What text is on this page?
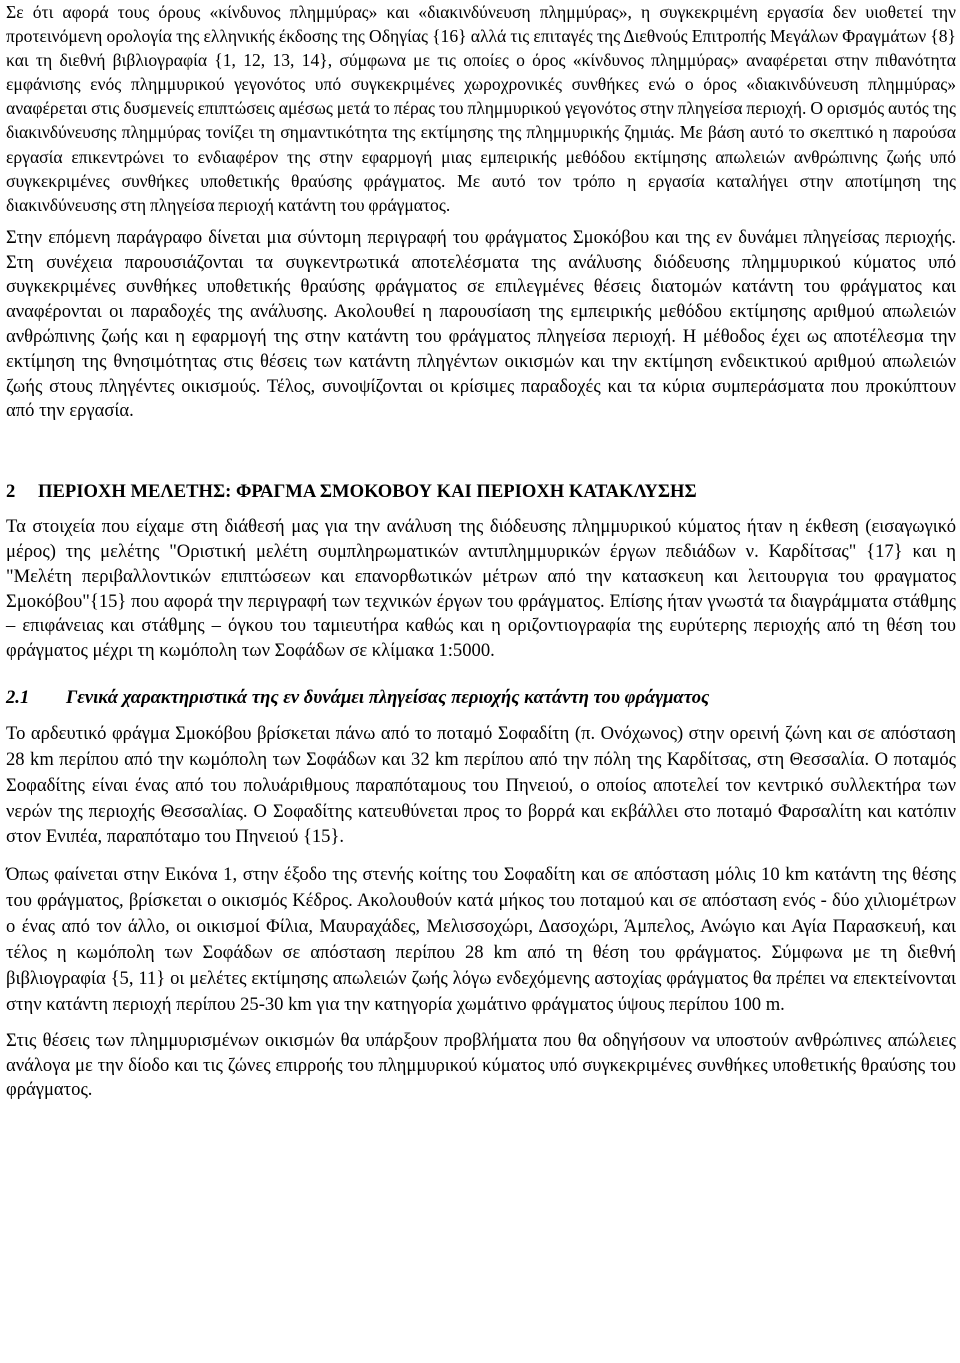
Σε ότι αφορά τους όρους «κίνδυνος πλημμύρας» και «διακινδύνευση πλημμύρας», η συγκεκριμένη εργασία δεν υιοθετεί την προτεινόμενη ορολογία της ελληνικής έκδοσης της Οδηγίας {16} αλλά τις επιταγές της Διεθνούς Επιτροπής Μεγάλων Φραγμάτων {8} και τη διεθνή βιβλιογραφία {1, 12, 13, 14}, σύμφωνα με τις οποίες ο όρος «κίνδυνος πλημμύρας» αναφέρεται στην πιθανότητα εμφάνισης ενός πλημμυρικού γεγονότος υπό συγκεκριμένες χωροχρονικές συνθήκες ενώ ο όρος «διακινδύνευση πλημμύρας» αναφέρεται στις δυσμενείς επιπτώσεις αμέσως μετά το πέρας του πλημμυρικού γεγονότος στην πληγείσα περιοχή. Ο ορισμός αυτός της διακινδύνευσης πλημμύρας τονίζει τη σημαντικότητα της εκτίμησης της πλημμυρικής ζημιάς. Με βάση αυτό το σκεπτικό η παρούσα εργασία επικεντρώνει το ενδιαφέρον της στην εφαρμογή μιας εμπειρικής μεθόδου εκτίμησης απωλειών ανθρώπινης ζωής υπό συγκεκριμένες συνθήκες υποθετικής θραύσης φράγματος. Με αυτό τον τρόπο η εργασία καταλήγει στην αποτίμηση της διακινδύνευσης στη πληγείσα περιοχή κατάντη του φράγματος.

Στην επόμενη παράγραφο δίνεται μια σύντομη περιγραφή του φράγματος Σμοκόβου και της εν δυνάμει πληγείσας περιοχής. Στη συνέχεια παρουσιάζονται τα συγκεντρωτικά αποτελέσματα της ανάλυσης διόδευσης πλημμυρικού κύματος υπό συγκεκριμένες συνθήκες υποθετικής θραύσης φράγματος σε επιλεγμένες θέσεις διατομών κατάντη του φράγματος και αναφέρονται οι παραδοχές της ανάλυσης. Ακολουθεί η παρουσίαση της εμπειρικής μεθόδου εκτίμησης αριθμού απωλειών ανθρώπινης ζωής και η εφαρμογή της στην κατάντη του φράγματος πληγείσα περιοχή. Η μέθοδος έχει ως αποτέλεσμα την εκτίμηση της θνησιμότητας στις θέσεις των κατάντη πληγέντων οικισμών και την εκτίμηση ενδεικτικού αριθμού απωλειών ζωής στους πληγέντες οικισμούς. Τέλος, συνοψίζονται οι κρίσιμες παραδοχές και τα κύρια συμπεράσματα που προκύπτουν από την εργασία.

2 ΠΕΡΙΟΧΗ ΜΕΛΕΤΗΣ: ΦΡΑΓΜΑ ΣΜΟΚΟΒΟΥ ΚΑΙ ΠΕΡΙΟΧΗ ΚΑΤΑΚΛΥΣΗΣ

Τα στοιχεία που είχαμε στη διάθεσή μας για την ανάλυση της διόδευσης πλημμυρικού κύματος ήταν η έκθεση (εισαγωγικό μέρος) της μελέτης "Οριστική μελέτη συμπληρωματικών αντιπλημμυρικών έργων πεδιάδων ν. Καρδίτσας" {17} και η "Μελέτη περιβαλλοντικών επιπτώσεων και επανορθωτικών μέτρων από την κατασκευη και λειτουργια του φραγματος Σμοκόβου"{15} που αφορά την περιγραφή των τεχνικών έργων του φράγματος. Επίσης ήταν γνωστά τα διαγράμματα στάθμης – επιφάνειας και στάθμης – όγκου του ταμιευτήρα καθώς και η οριζοντιογραφία της ευρύτερης περιοχής από τη θέση του φράγματος μέχρι τη κωμόπολη των Σοφάδων σε κλίμακα 1:5000.

2.1 Γενικά χαρακτηριστικά της εν δυνάμει πληγείσας περιοχής κατάντη του φράγματος

Το αρδευτικό φράγμα Σμοκόβου βρίσκεται πάνω από το ποταμό Σοφαδίτη (π. Ονόχωνος) στην ορεινή ζώνη και σε απόσταση 28 km περίπου από την κωμόπολη των Σοφάδων και 32 km περίπου από την πόλη της Καρδίτσας, στη Θεσσαλία. Ο ποταμός Σοφαδίτης είναι ένας από του πολυάριθμους παραπόταμους του Πηνειού, ο οποίος αποτελεί τον κεντρικό συλλεκτήρα των νερών της περιοχής Θεσσαλίας. Ο Σοφαδίτης κατευθύνεται προς το βορρά και εκβάλλει στο ποταμό Φαρσαλίτη και κατόπιν στον Ενιπέα, παραπόταμο του Πηνειού {15}.

Όπως φαίνεται στην Εικόνα 1, στην έξοδο της στενής κοίτης του Σοφαδίτη και σε απόσταση μόλις 10 km κατάντη της θέσης του φράγματος, βρίσκεται ο οικισμός Κέδρος. Ακολουθούν κατά μήκος του ποταμού και σε απόσταση ενός - δύο χιλιομέτρων ο ένας από τον άλλο, οι οικισμοί Φίλια, Μαυραχάδες, Μελισσοχώρι, Δασοχώρι, Άμπελος, Ανώγιο και Αγία Παρασκευή, και τέλος η κωμόπολη των Σοφάδων σε απόσταση περίπου 28 km από τη θέση του φράγματος. Σύμφωνα με τη διεθνή βιβλιογραφία {5, 11} οι μελέτες εκτίμησης απωλειών ζωής λόγω ενδεχόμενης αστοχίας φράγματος θα πρέπει να επεκτείνονται στην κατάντη περιοχή περίπου 25-30 km για την κατηγορία χωμάτινο φράγματος ύψους περίπου 100 m.

Στις θέσεις των πλημμυρισμένων οικισμών θα υπάρξουν προβλήματα που θα οδηγήσουν να υποστούν ανθρώπινες απώλειες ανάλογα με την δίοδο και τις ζώνες επιρροής του πλημμυρικού κύματος υπό συγκεκριμένες συνθήκες υποθετικής θραύσης του φράγματος.
